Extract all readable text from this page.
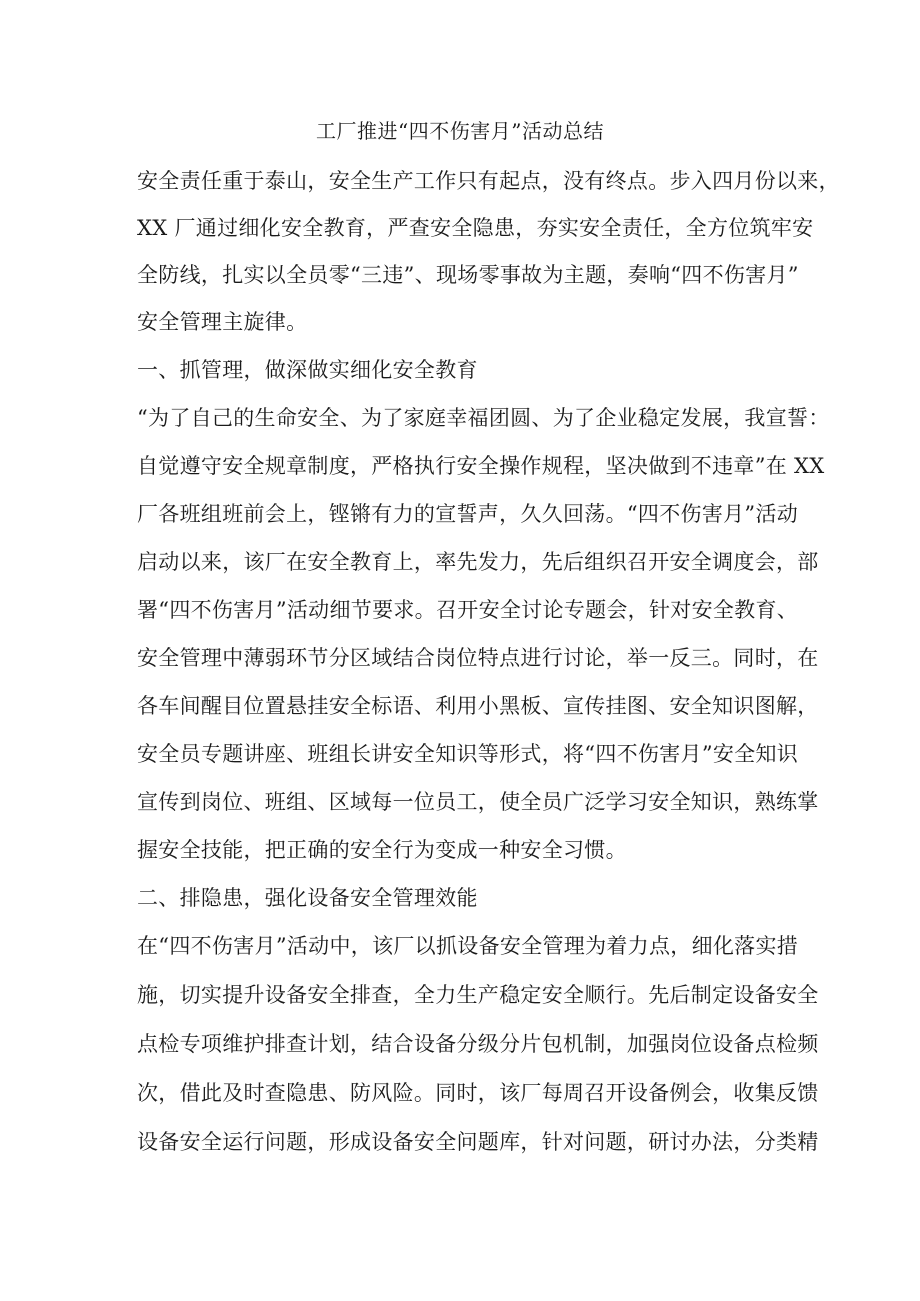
工厂推进“四不伤害月”活动总结
安全责任重于泰山，安全生产工作只有起点，没有终点。步入四月份以来，
XX 厂通过细化安全教育，严查安全隐患，夯实安全责任，全方位筑牢安
全防线，扎实以全员零“三违”、现场零事故为主题，奏响“四不伤害月”
安全管理主旋律。
一、抓管理，做深做实细化安全教育
“为了自己的生命安全、为了家庭幸福团圆、为了企业稳定发展，我宣誓：
自觉遵守安全规章制度，严格执行安全操作规程，坚决做到不违章”在 XX
厂各班组班前会上，铿锵有力的宣誓声，久久回荡。“四不伤害月”活动
启动以来，该厂在安全教育上，率先发力，先后组织召开安全调度会，部
署“四不伤害月”活动细节要求。召开安全讨论专题会，针对安全教育、
安全管理中薄弱环节分区域结合岗位特点进行讨论，举一反三。同时，在
各车间醒目位置悬挂安全标语、利用小黑板、宣传挂图、安全知识图解，
安全员专题讲座、班组长讲安全知识等形式，将“四不伤害月”安全知识
宣传到岗位、班组、区域每一位员工，使全员广泛学习安全知识，熟练掌
握安全技能，把正确的安全行为变成一种安全习惯。
二、排隐患，强化设备安全管理效能
在“四不伤害月”活动中，该厂以抓设备安全管理为着力点，细化落实措
施，切实提升设备安全排查，全力生产稳定安全顺行。先后制定设备安全
点检专项维护排查计划，结合设备分级分片包机制，加强岗位设备点检频
次，借此及时查隐患、防风险。同时，该厂每周召开设备例会，收集反馈
设备安全运行问题，形成设备安全问题库，针对问题，研讨办法，分类精
